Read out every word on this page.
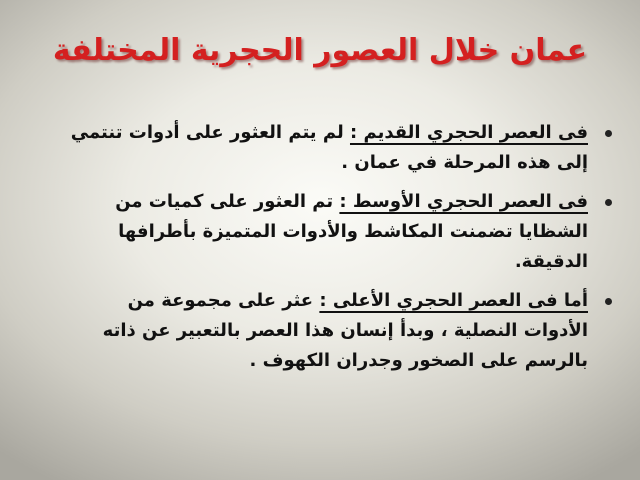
عمان خلال العصور الحجرية المختلفة
فى العصر الحجري القديم : لم يتم العثور على أدوات تنتمي إلى هذه المرحلة في عمان .
فى العصر الحجري الأوسط : تم العثور على كميات من الشظايا تضمنت المكاشط والأدوات المتميزة بأطرافها الدقيقة.
أما فى العصر الحجري الأعلى : عثر على مجموعة من الأدوات النصلية ، وبدأ إنسان هذا العصر بالتعبير عن ذاته بالرسم على الصخور وجدران الكهوف .
